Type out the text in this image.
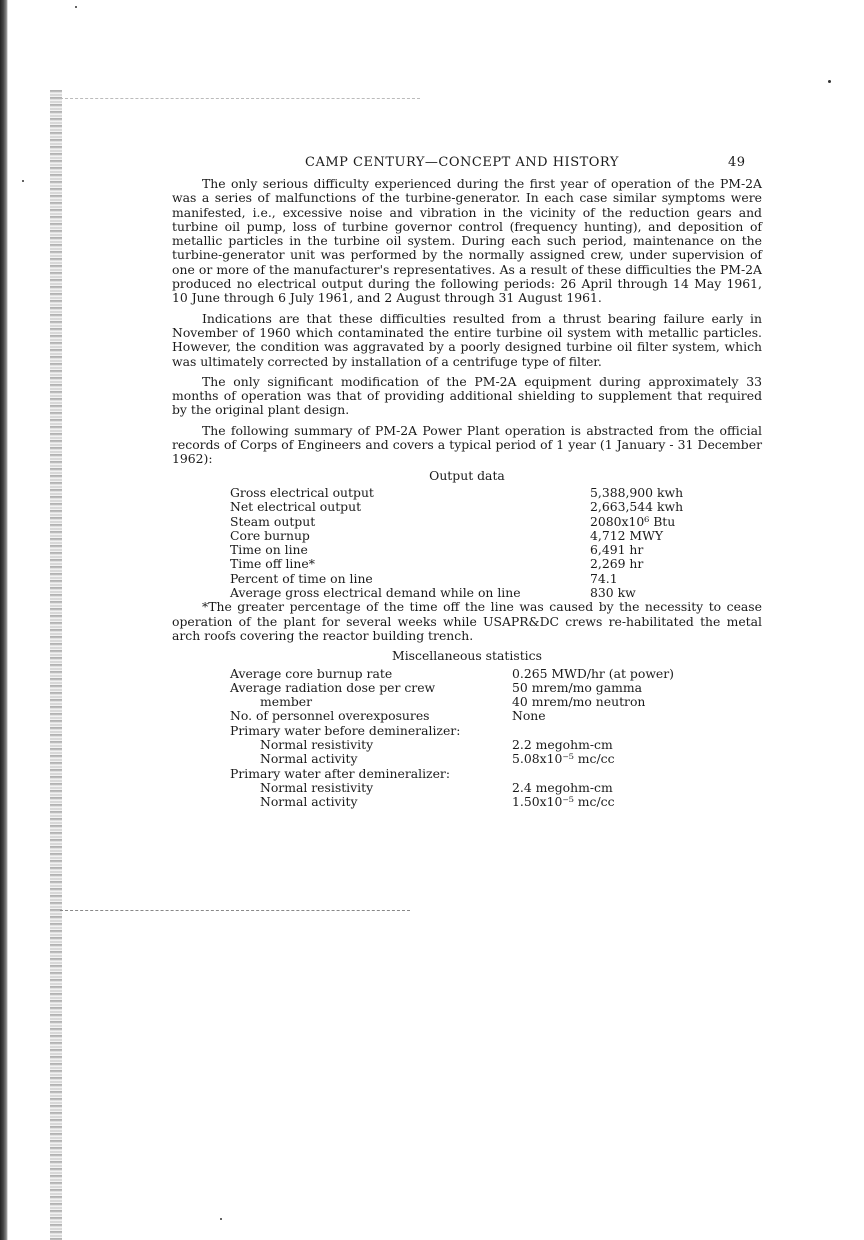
CAMP CENTURY—CONCEPT AND HISTORY	49

The only serious difficulty experienced during the first year of operation of the PM-2A was a series of malfunctions of the turbine-generator. In each case similar symptoms were manifested, i.e., excessive noise and vibration in the vicinity of the reduction gears and turbine oil pump, loss of turbine governor control (frequency hunting), and deposition of metallic particles in the turbine oil system. During each such period, maintenance on the turbine-generator unit was performed by the normally assigned crew, under supervision of one or more of the manufacturer's representatives. As a result of these difficulties the PM-2A produced no electrical output during the following periods: 26 April through 14 May 1961, 10 June through 6 July 1961, and 2 August through 31 August 1961.

Indications are that these difficulties resulted from a thrust bearing failure early in November of 1960 which contaminated the entire turbine oil system with metallic particles. However, the condition was aggravated by a poorly designed turbine oil filter system, which was ultimately corrected by installation of a centrifuge type of filter.

The only significant modification of the PM-2A equipment during approximately 33 months of operation was that of providing additional shielding to supplement that required by the original plant design.

The following summary of PM-2A Power Plant operation is abstracted from the official records of Corps of Engineers and covers a typical period of 1 year (1 January - 31 December 1962):

Output data
Gross electrical output	5,388,900 kwh
Net electrical output	2,663,544 kwh
Steam output	2080x10⁶ Btu
Core burnup	4,712 MWY
Time on line	6,491 hr
Time off line*	2,269 hr
Percent of time on line	74.1
Average gross electrical demand while on line	830 kw

*The greater percentage of the time off the line was caused by the necessity to cease operation of the plant for several weeks while USAPR&DC crews re-habilitated the metal arch roofs covering the reactor building trench.

Miscellaneous statistics
Average core burnup rate	0.265 MWD/hr (at power)
Average radiation dose per crew	50 mrem/mo gamma
member	40 mrem/mo neutron
No. of personnel overexposures	None
Primary water before demineralizer:
Normal resistivity	2.2 megohm-cm
Normal activity	5.08x10⁻⁵ mc/cc
Primary water after demineralizer:
Normal resistivity	2.4 megohm-cm
Normal activity	1.50x10⁻⁵ mc/cc
